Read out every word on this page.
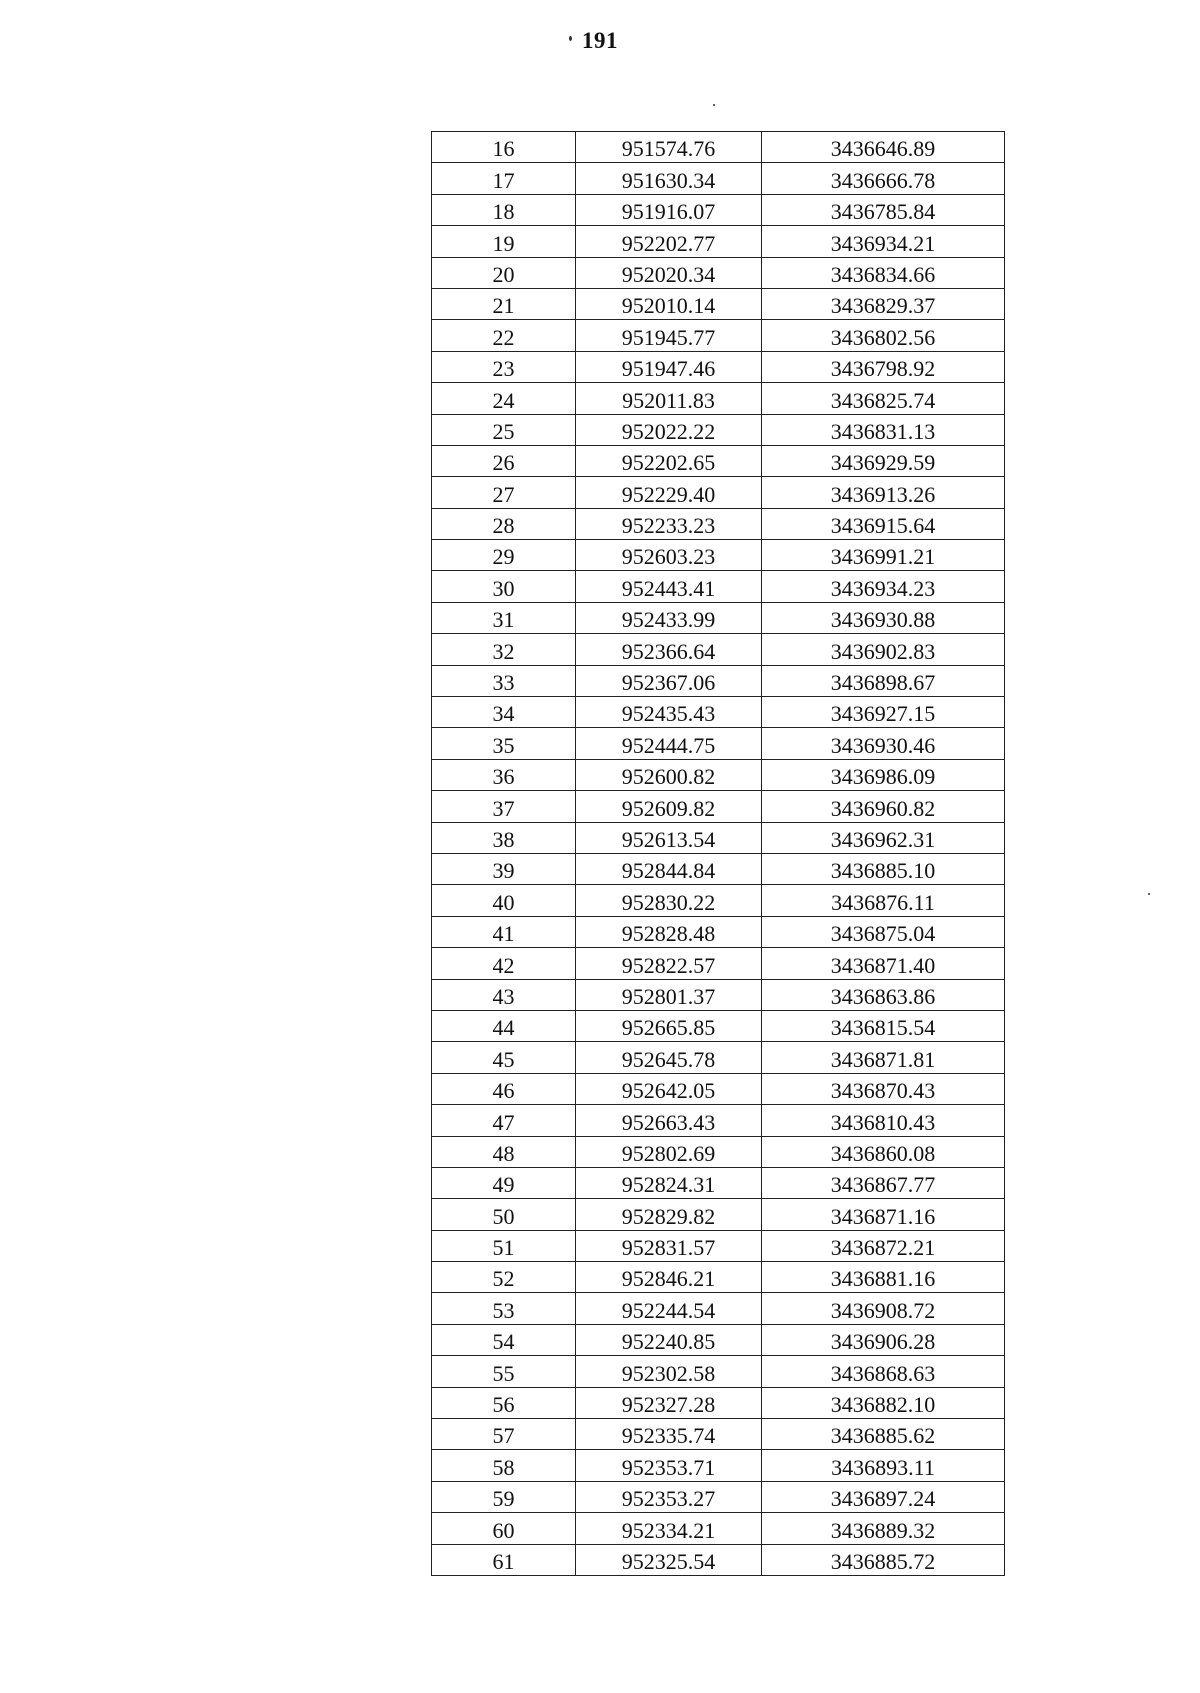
191
16	951574.76	3436646.89
17	951630.34	3436666.78
18	951916.07	3436785.84
19	952202.77	3436934.21
20	952020.34	3436834.66
21	952010.14	3436829.37
22	951945.77	3436802.56
23	951947.46	3436798.92
24	952011.83	3436825.74
25	952022.22	3436831.13
26	952202.65	3436929.59
27	952229.40	3436913.26
28	952233.23	3436915.64
29	952603.23	3436991.21
30	952443.41	3436934.23
31	952433.99	3436930.88
32	952366.64	3436902.83
33	952367.06	3436898.67
34	952435.43	3436927.15
35	952444.75	3436930.46
36	952600.82	3436986.09
37	952609.82	3436960.82
38	952613.54	3436962.31
39	952844.84	3436885.10
40	952830.22	3436876.11
41	952828.48	3436875.04
42	952822.57	3436871.40
43	952801.37	3436863.86
44	952665.85	3436815.54
45	952645.78	3436871.81
46	952642.05	3436870.43
47	952663.43	3436810.43
48	952802.69	3436860.08
49	952824.31	3436867.77
50	952829.82	3436871.16
51	952831.57	3436872.21
52	952846.21	3436881.16
53	952244.54	3436908.72
54	952240.85	3436906.28
55	952302.58	3436868.63
56	952327.28	3436882.10
57	952335.74	3436885.62
58	952353.71	3436893.11
59	952353.27	3436897.24
60	952334.21	3436889.32
61	952325.54	3436885.72
